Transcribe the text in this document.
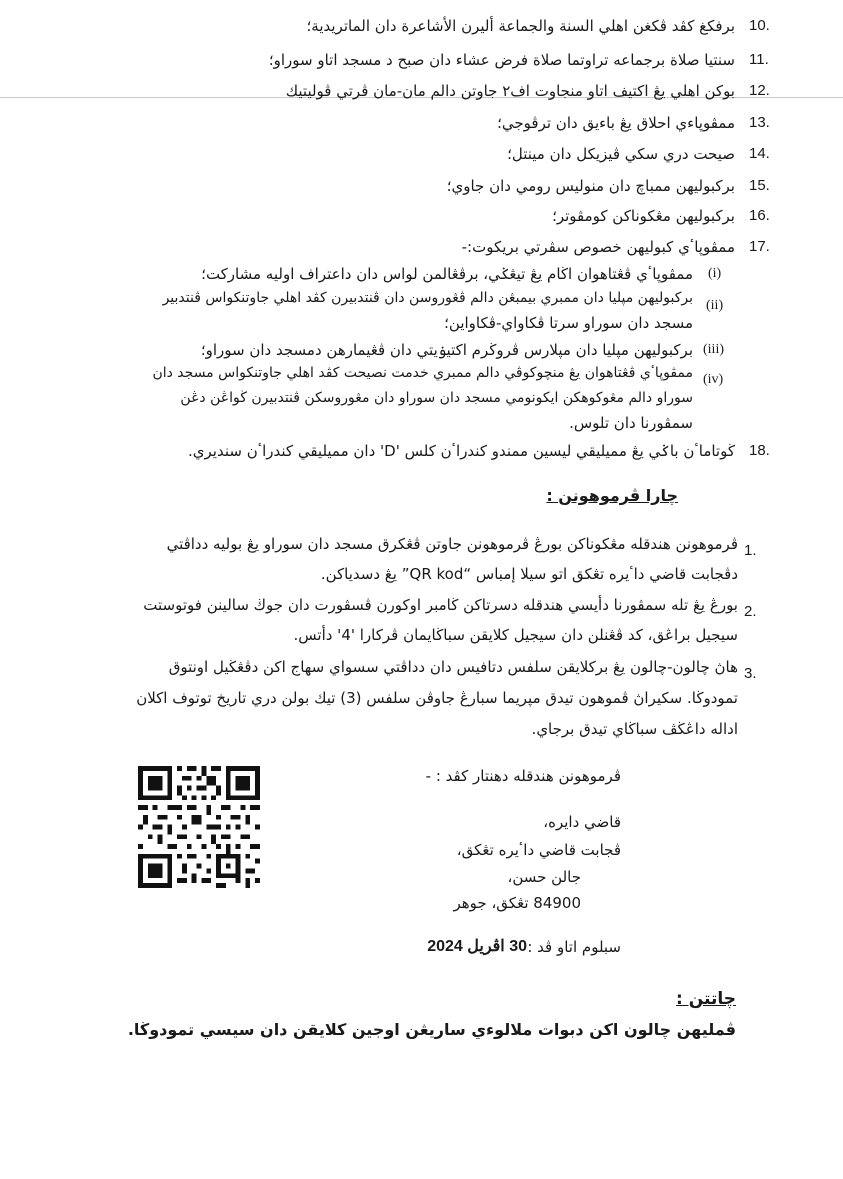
10.
برفکغ کڤد ڤکغن اهلي السنة والجماعة أليرن الأشاعرة دان الماتريدية؛
11.
سنتيا صلاة برجماعه تراوتما صلاة فرض عشاء دان صبح د مسجد اتاو سوراو؛
12.
بوکن اهلي يڠ اکتيف اتاو منجاوت اف٢ جاوتن دالم مان-مان ڤرتي ڤوليتيك
13.
ممڤوڽاءي احلاق يڠ باءيق دان ترڤوجي؛
14.
صيحت دري سکي ڤيزيکل دان مينتل؛
15.
برکبوليهن ممباچ دان منوليس رومي دان جاوي؛
16.
برکبوليهن مڠکوناکن کومڤوتر؛
17.
ممڤوڽاٴي کبوليهن خصوص سڤرتي بريکوت:-
(i)
ممڤوڽاٴي ڤڠتاهوان اڬام يڠ تيڠݢي، برڤڠالمن لواس دان داعتراف اوليه مشارکت؛
(ii)
برکبوليهن مپليا دان ممبري بيمبڠن دالم ڤڠوروسن دان ڤنتدبيرن کڤد اهلي جاوتنکواس ڤنتدبير
مسجد دان سوراو سرتا ڤکاواي-ڤکاواين؛
(iii)
برکبوليهن مپليا دان مپلارس ڤروڬرم اکتيۏيتي دان ڤڠيمارهن دمسجد دان سوراو؛
(iv)
ممڤوڽاٴي ڤڠتاهوان يڠ منچوکوڤي دالم ممبري خدمت نصيحت کڤد اهلي جاوتنکواس مسجد دان
سوراو دالم مڠوکوهکن ايکونومي مسجد دان سوراو دان مڠوروسکن ڤنتدبيرن ڬواڠن دڠن
سمڤورنا دان تلوس.
18.
ڬوتاماٴن باݢي يڠ مميليقي ليسين ممندو کندراٴن کلس 'D' دان مميليقي کندراٴن سنديري.
چارا ڤرموهونن :
1.
ڤرموهونن هندقله مڠکوناکن بورڠ ڤرموهونن جاوتن ڤڠکرق مسجد دان سوراو يڠ بوليه دداڤتي
دڤجابت قاضي داٴيره تڠکق اتو سيلا إمباس “QR kod” يڠ دسدياکن.
2.
بورڠ يڠ تله سمڤورنا دأيسي هندقله دسرتاکن ڬامبر اوکورن ڤسڤورت دان جوڬ سالينن فوتوستت
سيجيل براڠق، کد ڤڠنلن دان سيجيل کلايقن سباڬايمان ڤرکارا '4' دأتس.
3.
هاڽ چالون-چالون يڠ برکلايقن سلفس دتافيس دان دداڤتي سسواي سهاج اکن دڤڠڬيل اونتوق
تمودوڬا. سکيراڽ ڤموهون تيدق مڽريما سبارڠ جاوڤن سلفس (3) تيك بولن دري تاريخ توتوف اکلان
اداله داڠڬڤ سباڬاي تيدق برجاي.
ڤرموهونن هندقله دهنتار کڤد : -
قاضي دايره،
ڤجابت قاضي داٴيره تڠکق،
جالن حسن،
84900 تڠکق، جوهر
سبلوم اتاو ڤد :
30 اڤريل 2024
چاتتن :
ڤمليهن چالون اکن دبوات ملالوءي ساريڠن اوجين کلايقن دان سيسي تمودوڬا.
